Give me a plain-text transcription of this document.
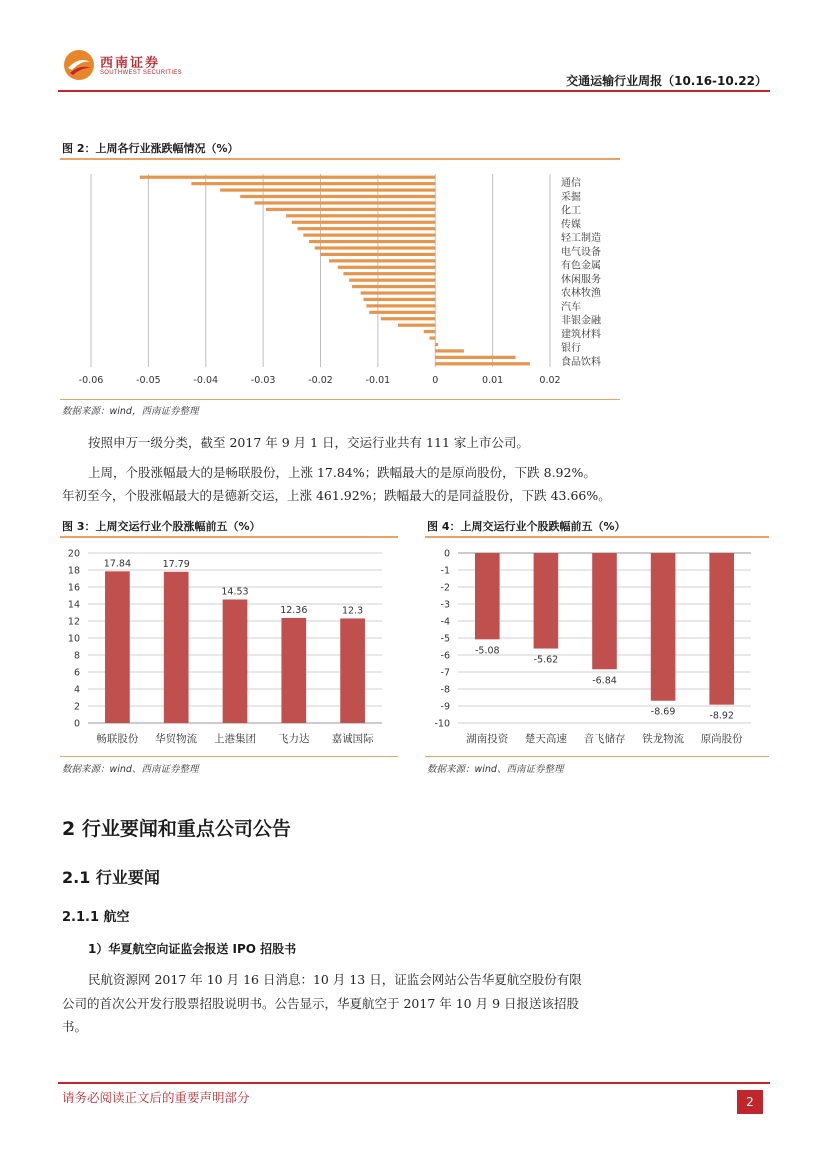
西南证券
SOUTHWEST SECURITIES
交通运输行业周报（10.16-10.22）
图 2：上周各行业涨跌幅情况（%）
-0.06	-0.05	-0.04	-0.03	-0.02	-0.01	0	0.01	0.02
通信
采掘
化工
传媒
轻工制造
电气设备
有色金属
休闲服务
农林牧渔
汽车
非银金融
建筑材料
银行
食品饮料
数据来源：wind，西南证券整理
按照申万一级分类，截至 2017 年 9 月 1 日，交运行业共有 111 家上市公司。
上周，个股涨幅最大的是畅联股份，上涨 17.84%；跌幅最大的是原尚股份，下跌 8.92%。
年初至今，个股涨幅最大的是德新交运，上涨 461.92%；跌幅最大的是同益股份，下跌 43.66%。
图 3：上周交运行业个股涨幅前五（%）
0
2
4
6
8
10
12
14
16
18
20
17.84
畅联股份
17.79
华贸物流
14.53
上港集团
12.36
飞力达
12.3
嘉诚国际
数据来源：wind、西南证券整理
图 4：上周交运行业个股跌幅前五（%）
0
-1
-2
-3
-4
-5
-6
-7
-8
-9
-10
-5.08
湖南投资
-5.62
楚天高速
-6.84
音飞储存
-8.69
铁龙物流
-8.92
原尚股份
数据来源：wind、西南证券整理
2 行业要闻和重点公司公告
2.1 行业要闻
2.1.1 航空
1）华夏航空向证监会报送 IPO 招股书
民航资源网 2017 年 10 月 16 日消息：10 月 13 日，证监会网站公告华夏航空股份有限
公司的首次公开发行股票招股说明书。公告显示，华夏航空于 2017 年 10 月 9 日报送该招股
书。
请务必阅读正文后的重要声明部分	2
